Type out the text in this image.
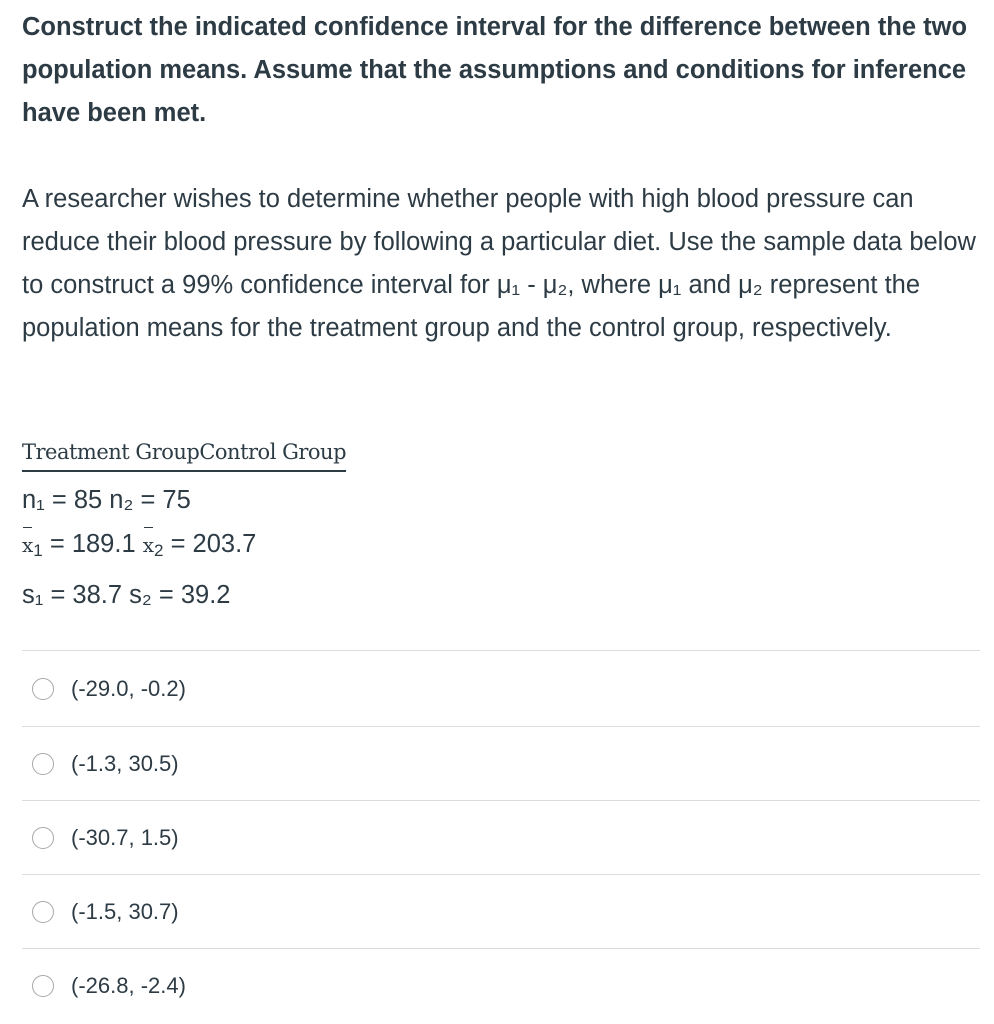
Construct the indicated confidence interval for the difference between the two population means. Assume that the assumptions and conditions for inference have been met.
A researcher wishes to determine whether people with high blood pressure can reduce their blood pressure by following a particular diet. Use the sample data below to construct a 99% confidence interval for μ₁ - μ₂, where μ₁ and μ₂ represent the population means for the treatment group and the control group, respectively.
Treatment GroupControl Group
n₁ = 85 n₂ = 75
$x_1 = 189.1$ $x_2 = 203.7$
s₁ = 38.7 s₂ = 39.2
(-29.0, -0.2)
(-1.3, 30.5)
(-30.7, 1.5)
(-1.5, 30.7)
(-26.8, -2.4)
